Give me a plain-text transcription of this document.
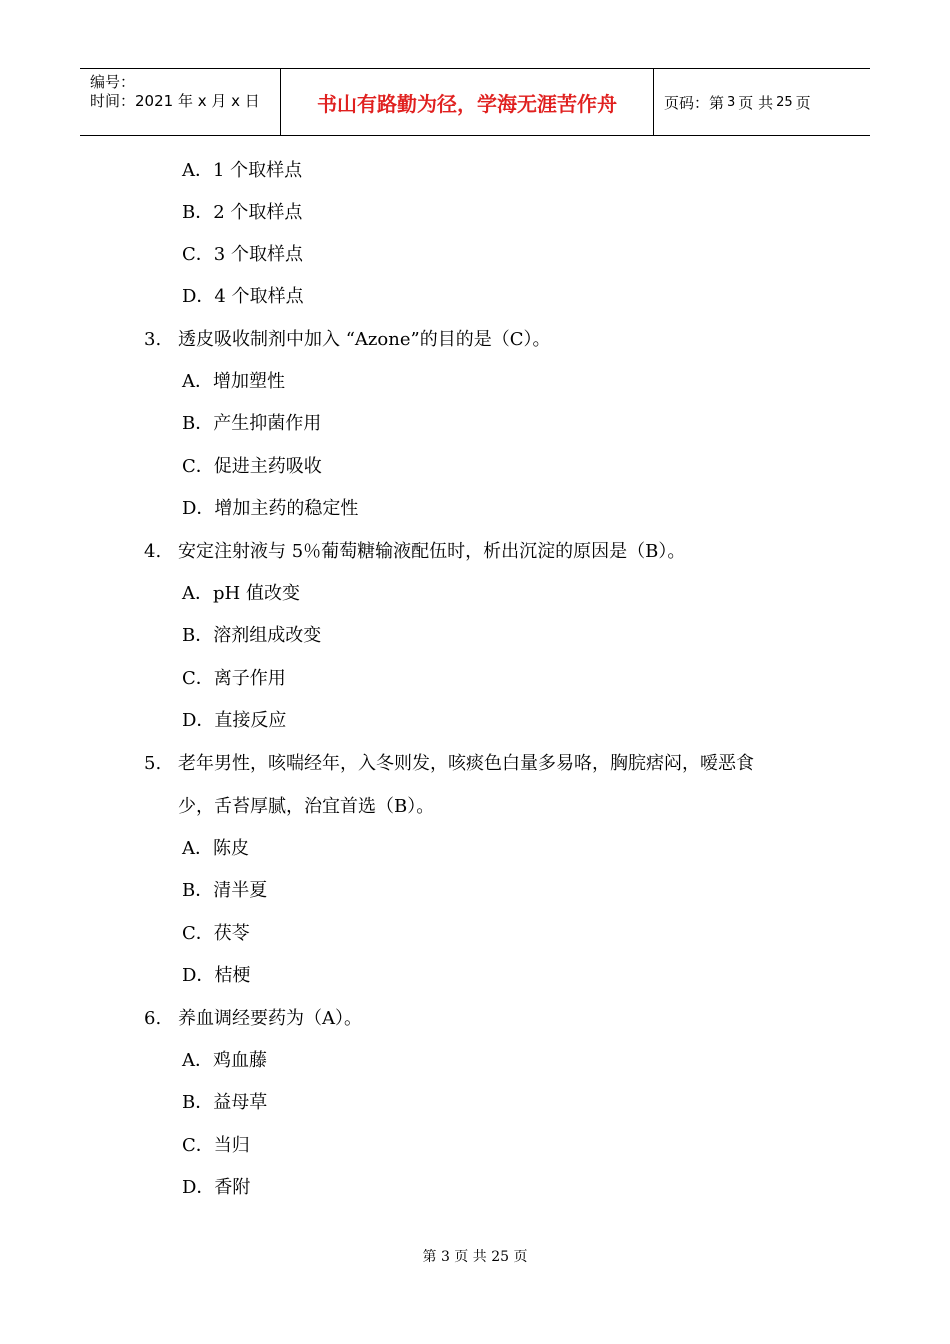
编号：
时间：2021 年 x 月 x 日	书山有路勤为径，学海无涯苦作舟	页码：第 3 页 共 25 页
A．1 个取样点
B．2 个取样点
C．3 个取样点
D．4 个取样点
3. 透皮吸收制剂中加入 “Azone”的目的是（C）。
A．增加塑性
B．产生抑菌作用
C．促进主药吸收
D．增加主药的稳定性
4. 安定注射液与 5％葡萄糖输液配伍时，析出沉淀的原因是（B）。
A．pH 值改变
B．溶剂组成改变
C．离子作用
D．直接反应
5. 老年男性，咳喘经年，入冬则发，咳痰色白量多易咯，胸脘痞闷，嗳恶食
少，舌苔厚腻，治宜首选（B）。
A．陈皮
B．清半夏
C．茯苓
D．桔梗
6. 养血调经要药为（A）。
A．鸡血藤
B．益母草
C．当归
D．香附
第 3 页 共 25 页
